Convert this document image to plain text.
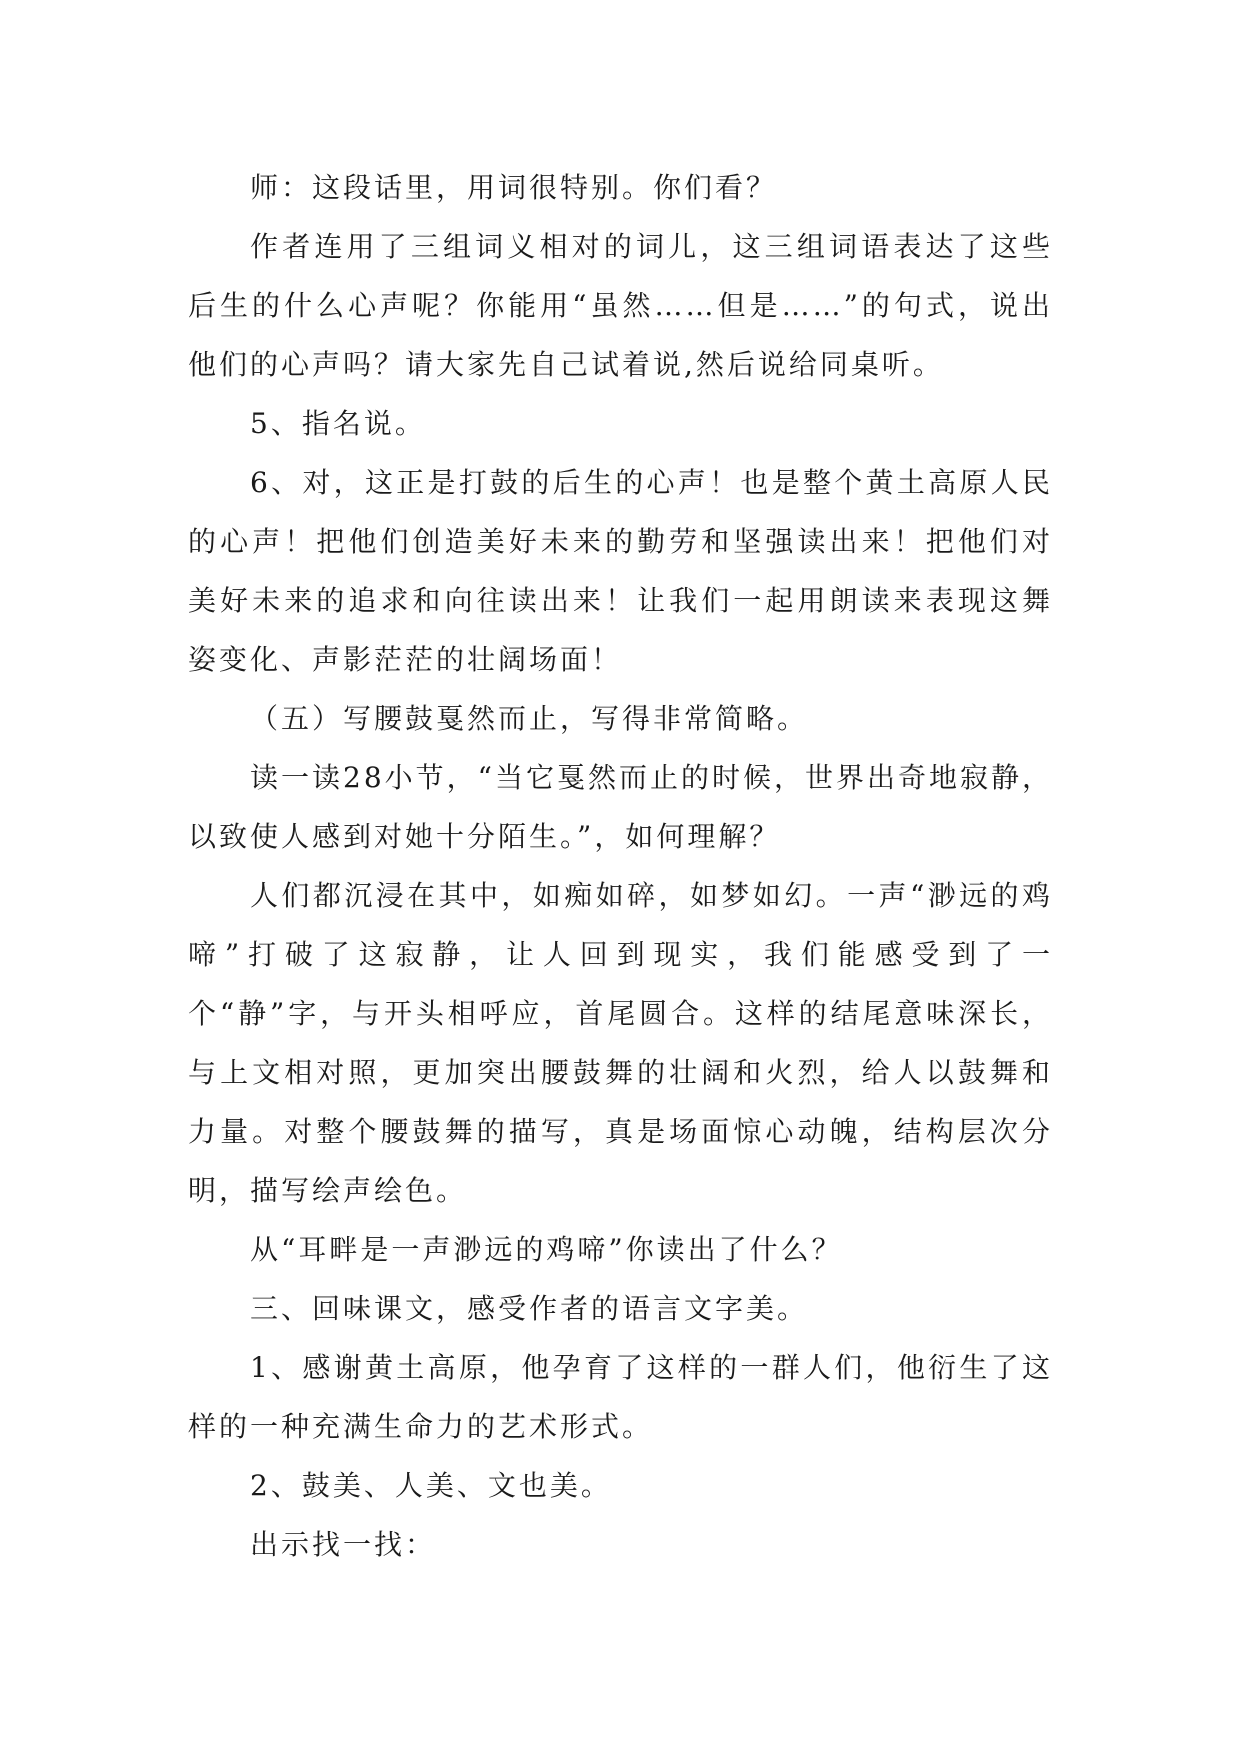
师：这段话里，用词很特别。你们看？

作者连用了三组词义相对的词儿，这三组词语表达了这些后生的什么心声呢？你能用“虽然……但是……”的句式，说出他们的心声吗？请大家先自己试着说,然后说给同桌听。

5、指名说。

6、对，这正是打鼓的后生的心声！也是整个黄土高原人民的心声！把他们创造美好未来的勤劳和坚强读出来！把他们对美好未来的追求和向往读出来！让我们一起用朗读来表现这舞姿变化、声影茫茫的壮阔场面！

（五）写腰鼓戛然而止，写得非常简略。

读一读28小节，“当它戛然而止的时候，世界出奇地寂静，以致使人感到对她十分陌生。”，如何理解？

人们都沉浸在其中，如痴如碎，如梦如幻。一声“渺远的鸡啼”打破了这寂静，让人回到现实，我们能感受到了一个“静”字，与开头相呼应，首尾圆合。这样的结尾意味深长，与上文相对照，更加突出腰鼓舞的壮阔和火烈，给人以鼓舞和力量。对整个腰鼓舞的描写，真是场面惊心动魄，结构层次分明，描写绘声绘色。

从“耳畔是一声渺远的鸡啼”你读出了什么？

三、回味课文，感受作者的语言文字美。

1、感谢黄土高原，他孕育了这样的一群人们，他衍生了这样的一种充满生命力的艺术形式。

2、鼓美、人美、文也美。

出示找一找：
